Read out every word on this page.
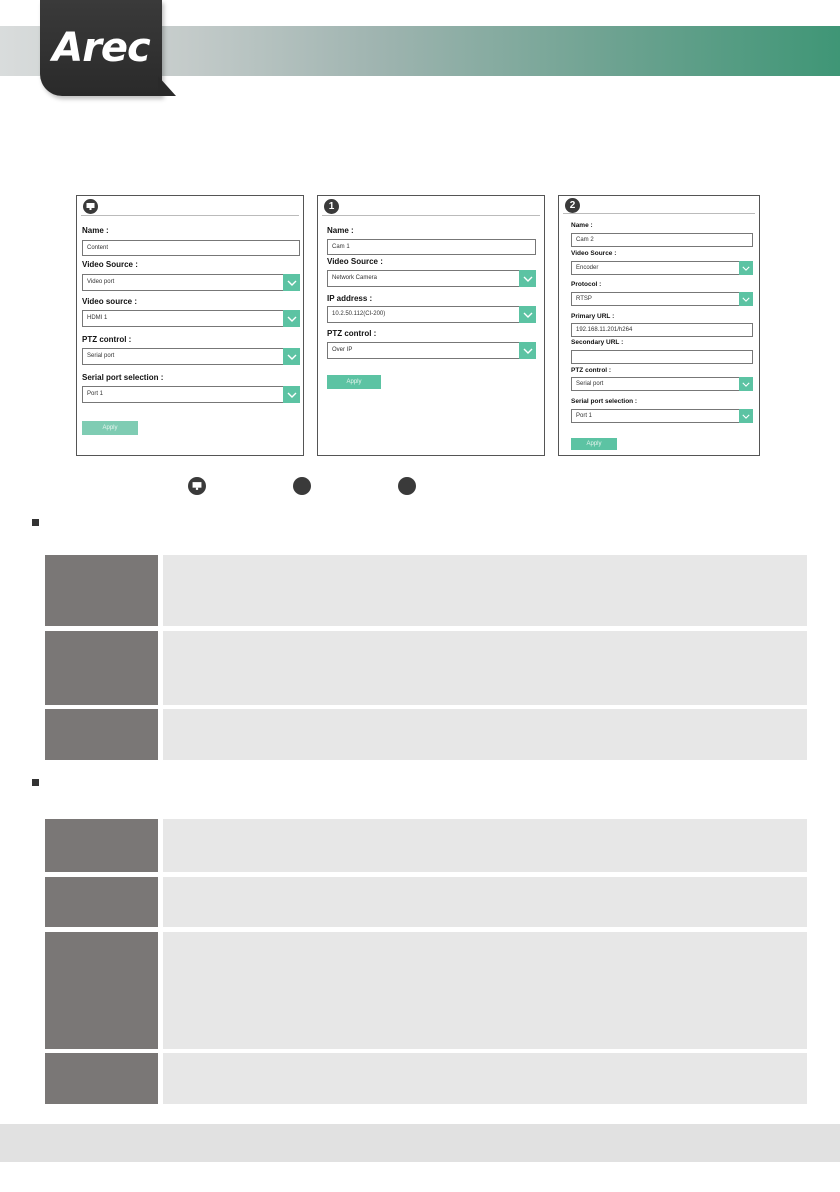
Arec
Name :
Content
Video Source :
Video port
Video source :
HDMI 1
PTZ control :
Serial port
Serial port selection :
Port 1
Apply
1
Name :
Cam 1
Video Source :
Network Camera
IP address :
10.2.50.112(CI-200)
PTZ control :
Over IP
Apply
2
Name :
Cam 2
Video Source :
Encoder
Protocol :
RTSP
Primary URL :
192.168.11.201/h264
Secondary URL :
PTZ control :
Serial port
Serial port selection :
Port 1
Apply
